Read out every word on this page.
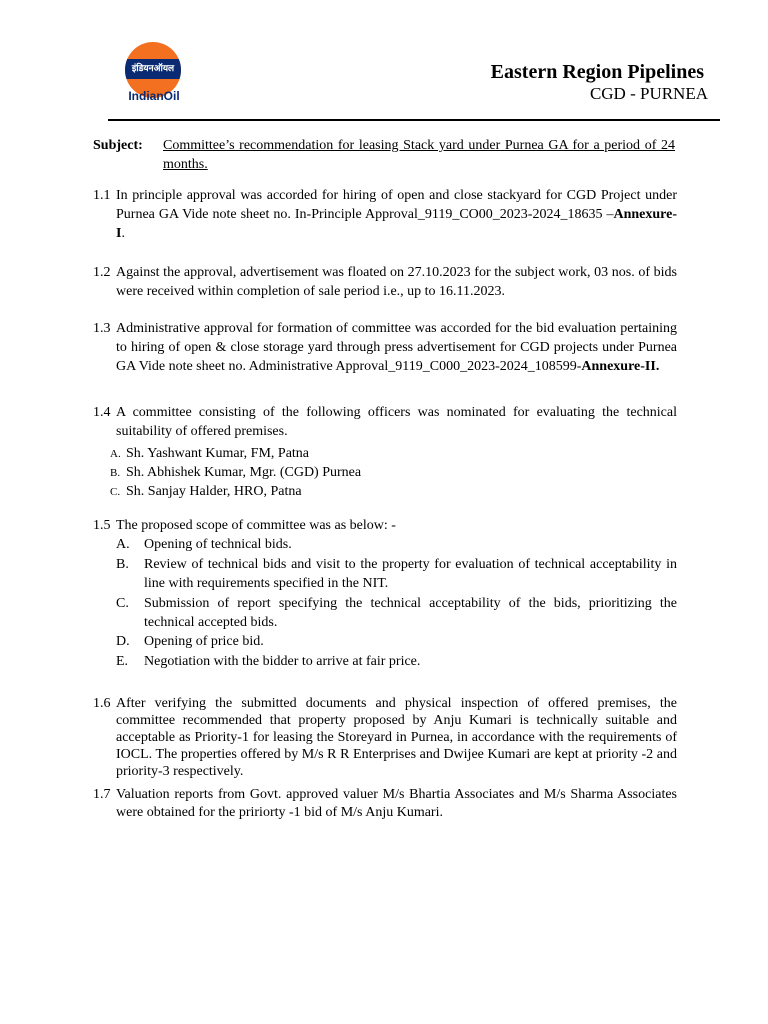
इंडियनऑयल
IndianOil
Eastern Region Pipelines
CGD - PURNEA
Subject: Committee’s recommendation for leasing Stack yard under Purnea GA for a period of 24 months.
1.1 In principle approval was accorded for hiring of open and close stackyard for CGD Project under Purnea GA Vide note sheet no. In-Principle Approval_9119_CO00_2023-2024_18635 –Annexure-I.
1.2 Against the approval, advertisement was floated on 27.10.2023 for the subject work, 03 nos. of bids were received within completion of sale period i.e., up to 16.11.2023.
1.3 Administrative approval for formation of committee was accorded for the bid evaluation pertaining to hiring of open & close storage yard through press advertisement for CGD projects under Purnea GA Vide note sheet no. Administrative Approval_9119_C000_2023-2024_108599-Annexure-II.
1.4 A committee consisting of the following officers was nominated for evaluating the technical suitability of offered premises.
A. Sh. Yashwant Kumar, FM, Patna
B. Sh. Abhishek Kumar, Mgr. (CGD) Purnea
C. Sh. Sanjay Halder, HRO, Patna
1.5 The proposed scope of committee was as below: -
A. Opening of technical bids.
B. Review of technical bids and visit to the property for evaluation of technical acceptability in line with requirements specified in the NIT.
C. Submission of report specifying the technical acceptability of the bids, prioritizing the technical accepted bids.
D. Opening of price bid.
E. Negotiation with the bidder to arrive at fair price.
1.6 After verifying the submitted documents and physical inspection of offered premises, the committee recommended that property proposed by Anju Kumari is technically suitable and acceptable as Priority-1 for leasing the Storeyard in Purnea, in accordance with the requirements of IOCL. The properties offered by M/s R R Enterprises and Dwijee Kumari are kept at priority -2 and priority-3 respectively.
1.7 Valuation reports from Govt. approved valuer M/s Bhartia Associates and M/s Sharma Associates were obtained for the pririorty -1 bid of M/s Anju Kumari.
